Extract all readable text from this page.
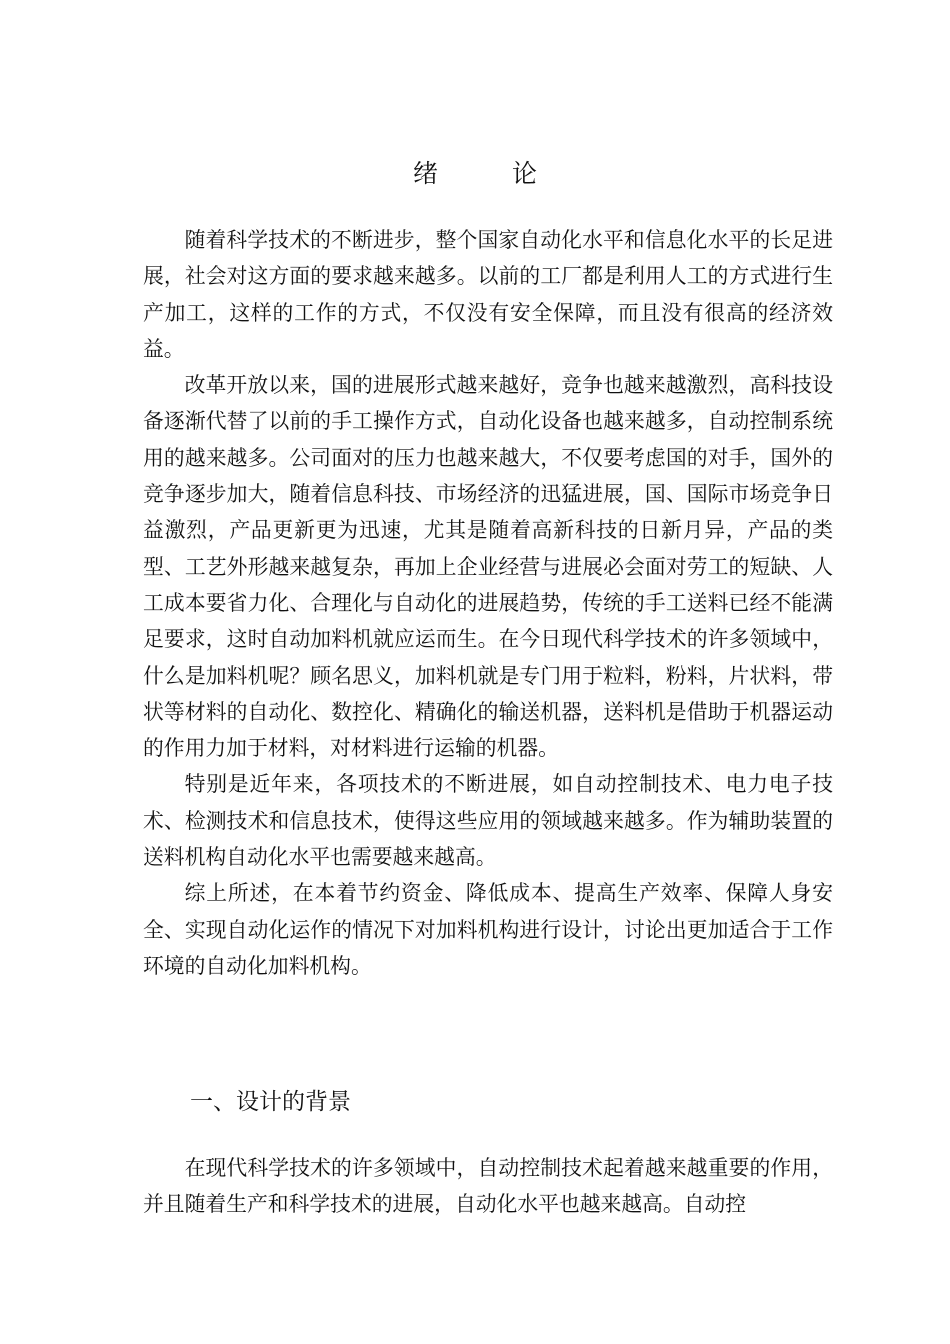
绪	论

随着科学技术的不断进步，整个国家自动化水平和信息化水平的长足进展，社会对这方面的要求越来越多。以前的工厂都是利用人工的方式进行生产加工，这样的工作的方式，不仅没有安全保障，而且没有很高的经济效益。

改革开放以来，国的进展形式越来越好，竞争也越来越激烈，高科技设备逐渐代替了以前的手工操作方式，自动化设备也越来越多，自动控制系统用的越来越多。公司面对的压力也越来越大，不仅要考虑国的对手，国外的竞争逐步加大，随着信息科技、市场经济的迅猛进展，国、国际市场竞争日益激烈，产品更新更为迅速，尤其是随着高新科技的日新月异，产品的类型、工艺外形越来越复杂，再加上企业经营与进展必会面对劳工的短缺、人工成本要省力化、合理化与自动化的进展趋势，传统的手工送料已经不能满足要求，这时自动加料机就应运而生。在今日现代科学技术的许多领域中，什么是加料机呢？顾名思义，加料机就是专门用于粒料，粉料，片状料，带状等材料的自动化、数控化、精确化的输送机器，送料机是借助于机器运动的作用力加于材料，对材料进行运输的机器。

特别是近年来，各项技术的不断进展，如自动控制技术、电力电子技术、检测技术和信息技术，使得这些应用的领域越来越多。作为辅助装置的送料机构自动化水平也需要越来越高。

综上所述，在本着节约资金、降低成本、提高生产效率、保障人身安全、实现自动化运作的情况下对加料机构进行设计，讨论出更加适合于工作环境的自动化加料机构。

一、设计的背景

在现代科学技术的许多领域中，自动控制技术起着越来越重要的作用，并且随着生产和科学技术的进展，自动化水平也越来越高。自动控
